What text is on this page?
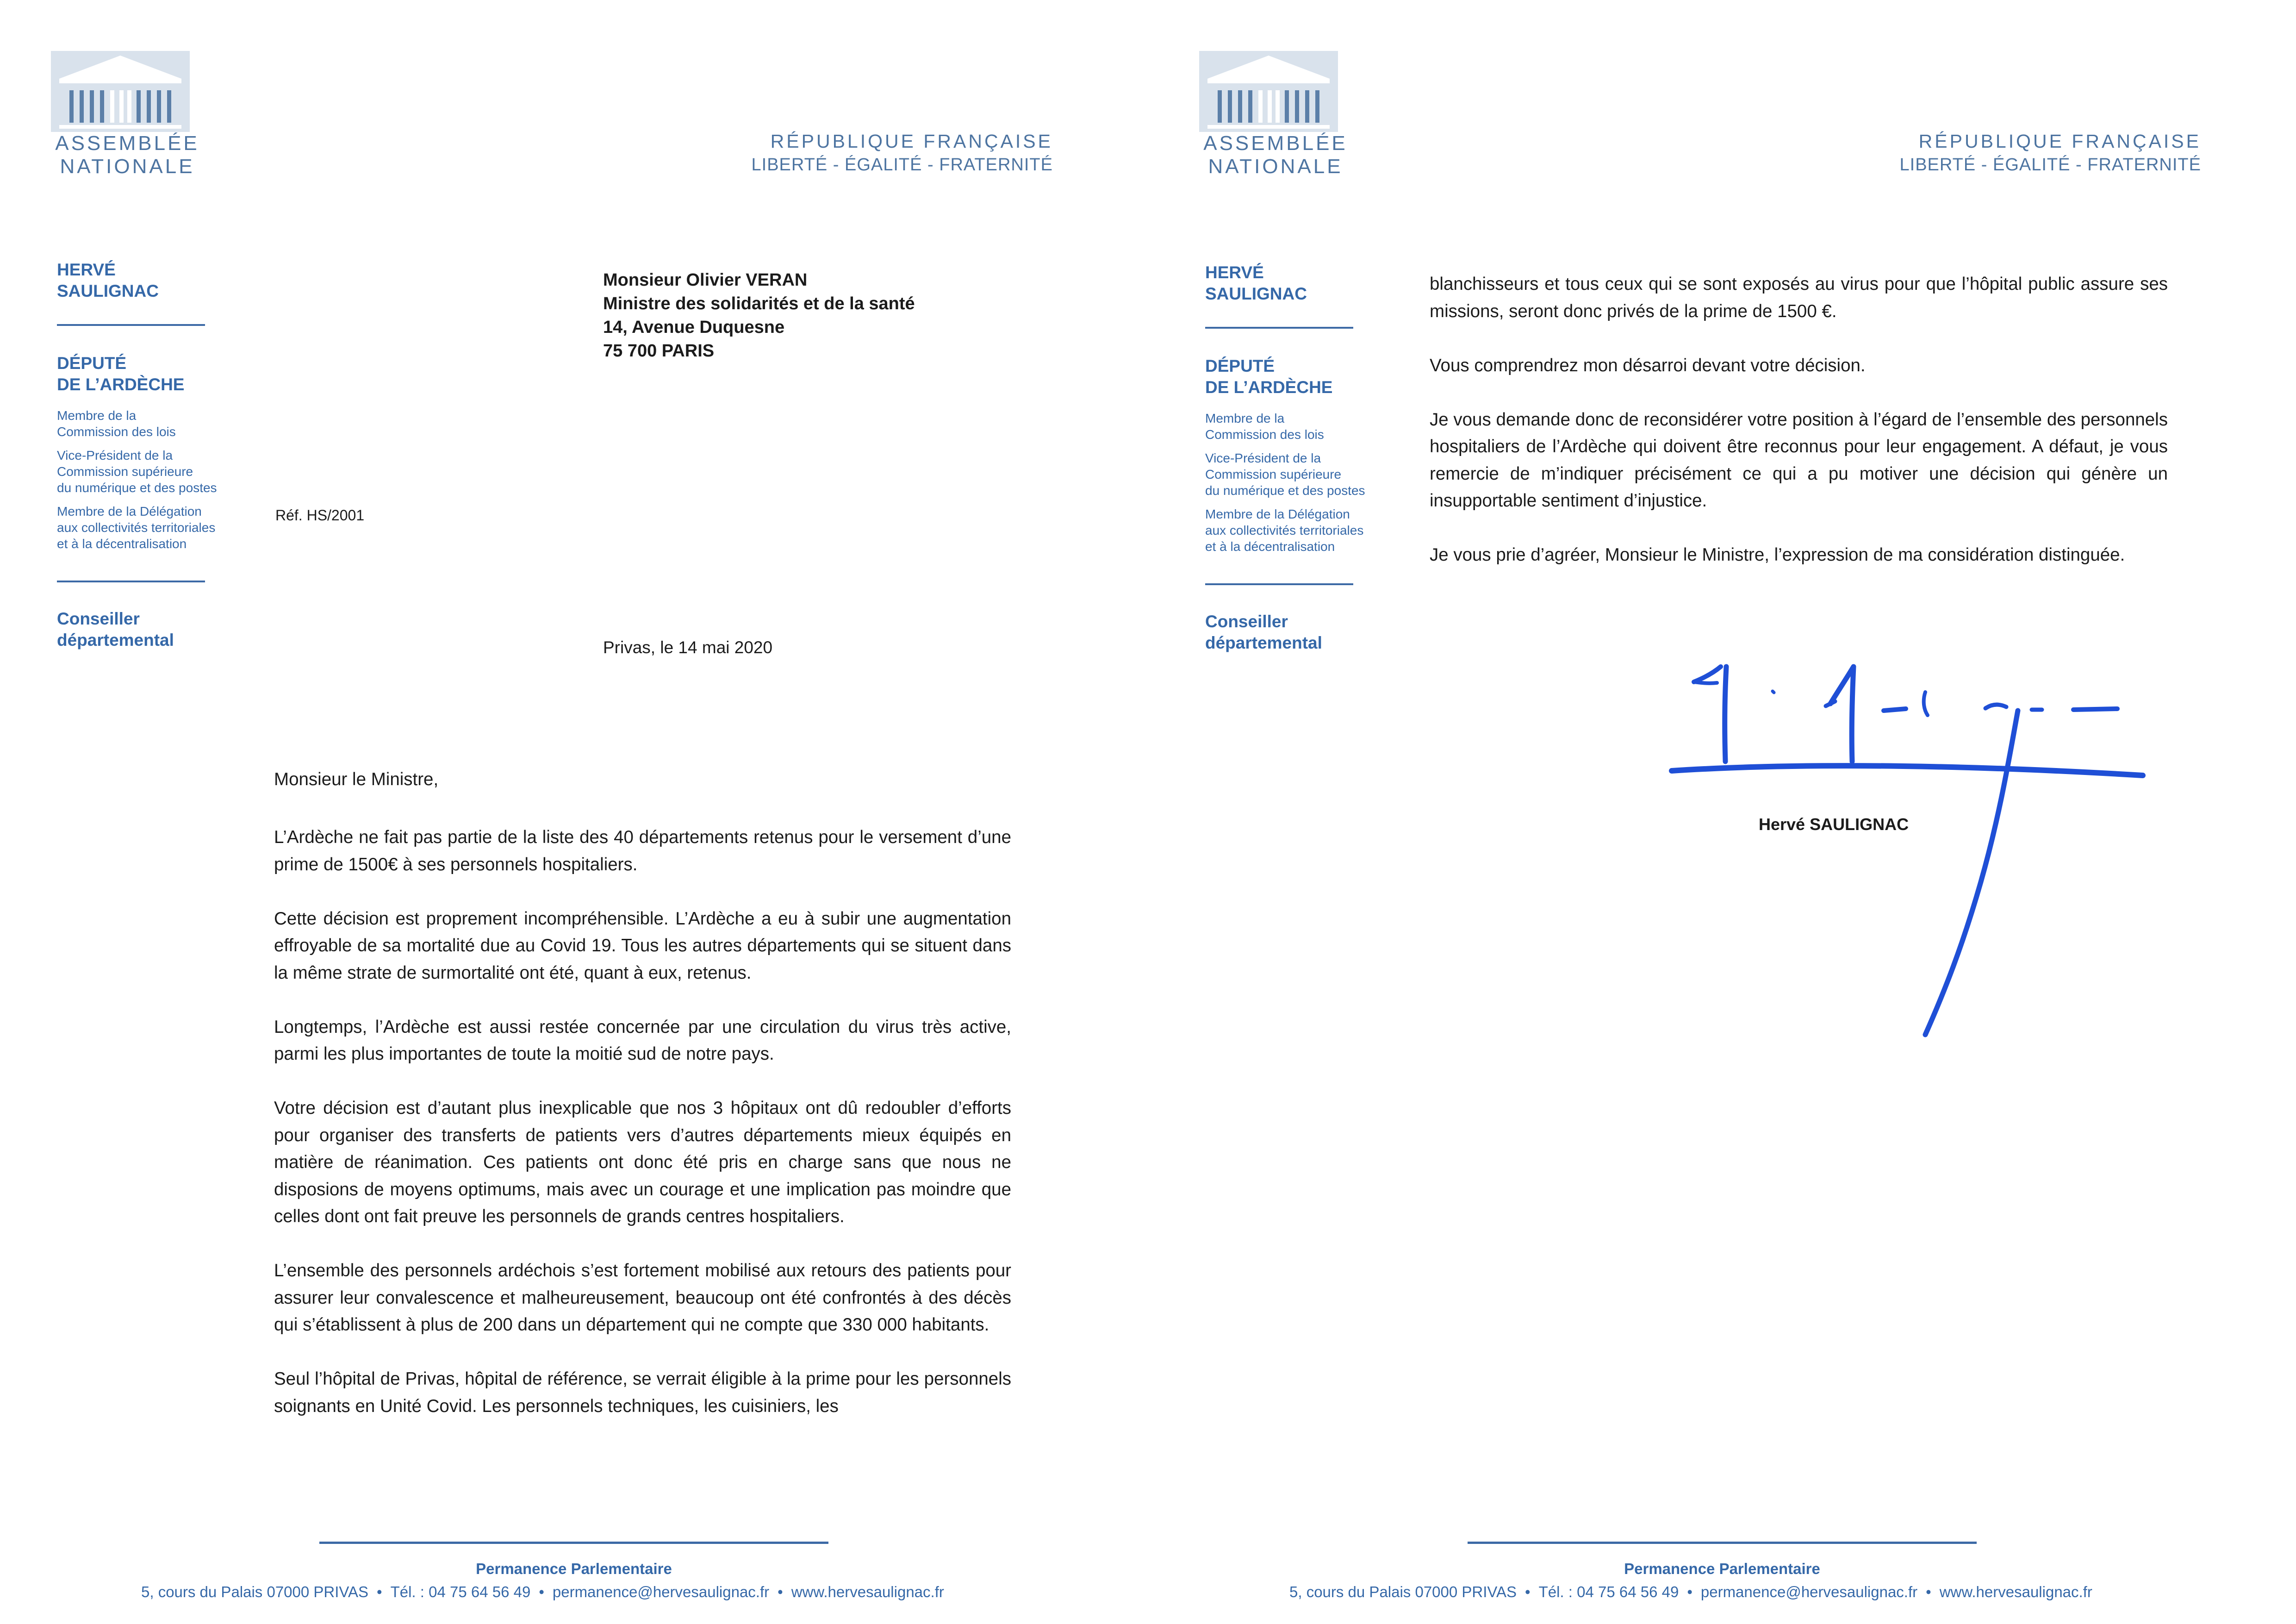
ASSEMBLÉE
NATIONALE
RÉPUBLIQUE FRANÇAISE
LIBERTÉ - ÉGALITÉ - FRATERNITÉ
HERVÉ
SAULIGNAC
DÉPUTÉ
DE L’ARDÈCHE
Membre de la
Commission des lois
Vice-Président de la
Commission supérieure
du numérique et des postes
Membre de la Délégation
aux collectivités territoriales
et à la décentralisation
Conseiller
départemental
Monsieur Olivier VERAN
Ministre des solidarités et de la santé
14, Avenue Duquesne
75 700 PARIS
Réf. HS/2001
Privas, le 14 mai 2020
Monsieur le Ministre,

L’Ardèche ne fait pas partie de la liste des 40 départements retenus pour le versement d’une prime de 1500€ à ses personnels hospitaliers.

Cette décision est proprement incompréhensible. L’Ardèche a eu à subir une augmentation effroyable de sa mortalité due au Covid 19. Tous les autres départements qui se situent dans la même strate de surmortalité ont été, quant à eux, retenus.

Longtemps, l’Ardèche est aussi restée concernée par une circulation du virus très active, parmi les plus importantes de toute la moitié sud de notre pays.

Votre décision est d’autant plus inexplicable que nos 3 hôpitaux ont dû redoubler d’efforts pour organiser des transferts de patients vers d’autres départements mieux équipés en matière de réanimation. Ces patients ont donc été pris en charge sans que nous ne disposions de moyens optimums, mais avec un courage et une implication pas moindre que celles dont ont fait preuve les personnels de grands centres hospitaliers.

L’ensemble des personnels ardéchois s’est fortement mobilisé aux retours des patients pour assurer leur convalescence et malheureusement, beaucoup ont été confrontés à des décès qui s’établissent à plus de 200 dans un département qui ne compte que 330 000 habitants.

Seul l’hôpital de Privas, hôpital de référence, se verrait éligible à la prime pour les personnels soignants en Unité Covid. Les personnels techniques, les cuisiniers, les

Permanence Parlementaire
5, cours du Palais 07000 PRIVAS • Tél. : 04 75 64 56 49 • permanence@hervesaulignac.fr • www.hervesaulignac.fr
ASSEMBLÉE
NATIONALE
RÉPUBLIQUE FRANÇAISE
LIBERTÉ - ÉGALITÉ - FRATERNITÉ
HERVÉ
SAULIGNAC
DÉPUTÉ
DE L’ARDÈCHE
Membre de la
Commission des lois
Vice-Président de la
Commission supérieure
du numérique et des postes
Membre de la Délégation
aux collectivités territoriales
et à la décentralisation
Conseiller
départemental
Permanence Parlementaire
5, cours du Palais 07000 PRIVAS • Tél. : 04 75 64 56 49 • permanence@hervesaulignac.fr • www.hervesaulignac.fr

blanchisseurs et tous ceux qui se sont exposés au virus pour que l’hôpital public assure ses missions, seront donc privés de la prime de 1500 €.

Vous comprendrez mon désarroi devant votre décision.

Je vous demande donc de reconsidérer votre position à l’égard de l’ensemble des personnels hospitaliers de l’Ardèche qui doivent être reconnus pour leur engagement. A défaut, je vous remercie de m’indiquer précisément ce qui a pu motiver une décision qui génère un insupportable sentiment d’injustice.

Je vous prie d’agréer, Monsieur le Ministre, l’expression de ma considération distinguée.

Hervé SAULIGNAC
